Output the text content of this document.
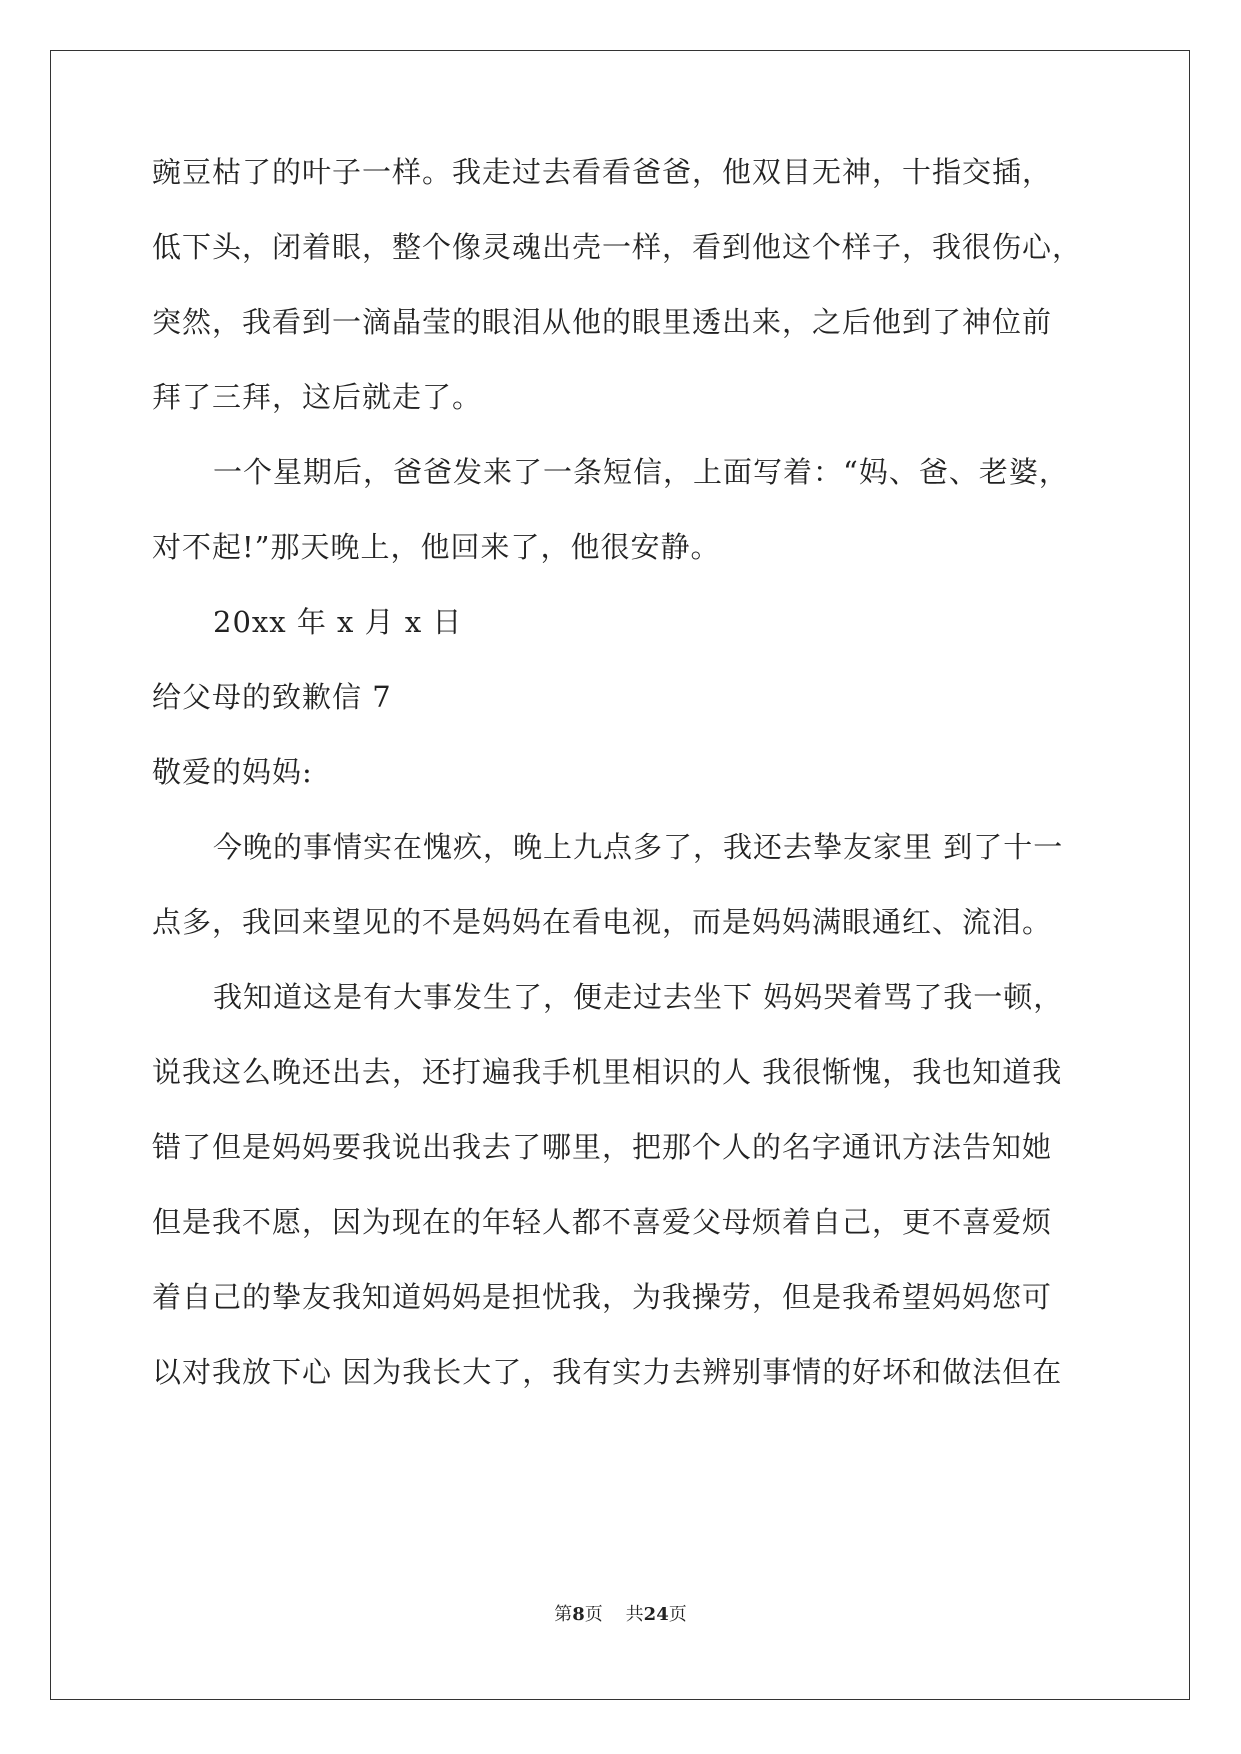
豌豆枯了的叶子一样。我走过去看看爸爸，他双目无神，十指交插，
低下头，闭着眼，整个像灵魂出壳一样，看到他这个样子，我很伤心，
突然，我看到一滴晶莹的眼泪从他的眼里透出来，之后他到了神位前
拜了三拜，这后就走了。
一个星期后，爸爸发来了一条短信，上面写着：“妈、爸、老婆，
对不起!”那天晚上，他回来了，他很安静。
20xx 年 x 月 x 日
给父母的致歉信 7
敬爱的妈妈:
今晚的事情实在愧疚，晚上九点多了，我还去挚友家里 到了十一
点多，我回来望见的不是妈妈在看电视，而是妈妈满眼通红、流泪。
我知道这是有大事发生了，便走过去坐下 妈妈哭着骂了我一顿，
说我这么晚还出去，还打遍我手机里相识的人 我很惭愧，我也知道我
错了但是妈妈要我说出我去了哪里，把那个人的名字通讯方法告知她
但是我不愿，因为现在的年轻人都不喜爱父母烦着自己，更不喜爱烦
着自己的挚友我知道妈妈是担忧我，为我操劳，但是我希望妈妈您可
以对我放下心 因为我长大了，我有实力去辨别事情的好坏和做法但在
第8页 共24页
